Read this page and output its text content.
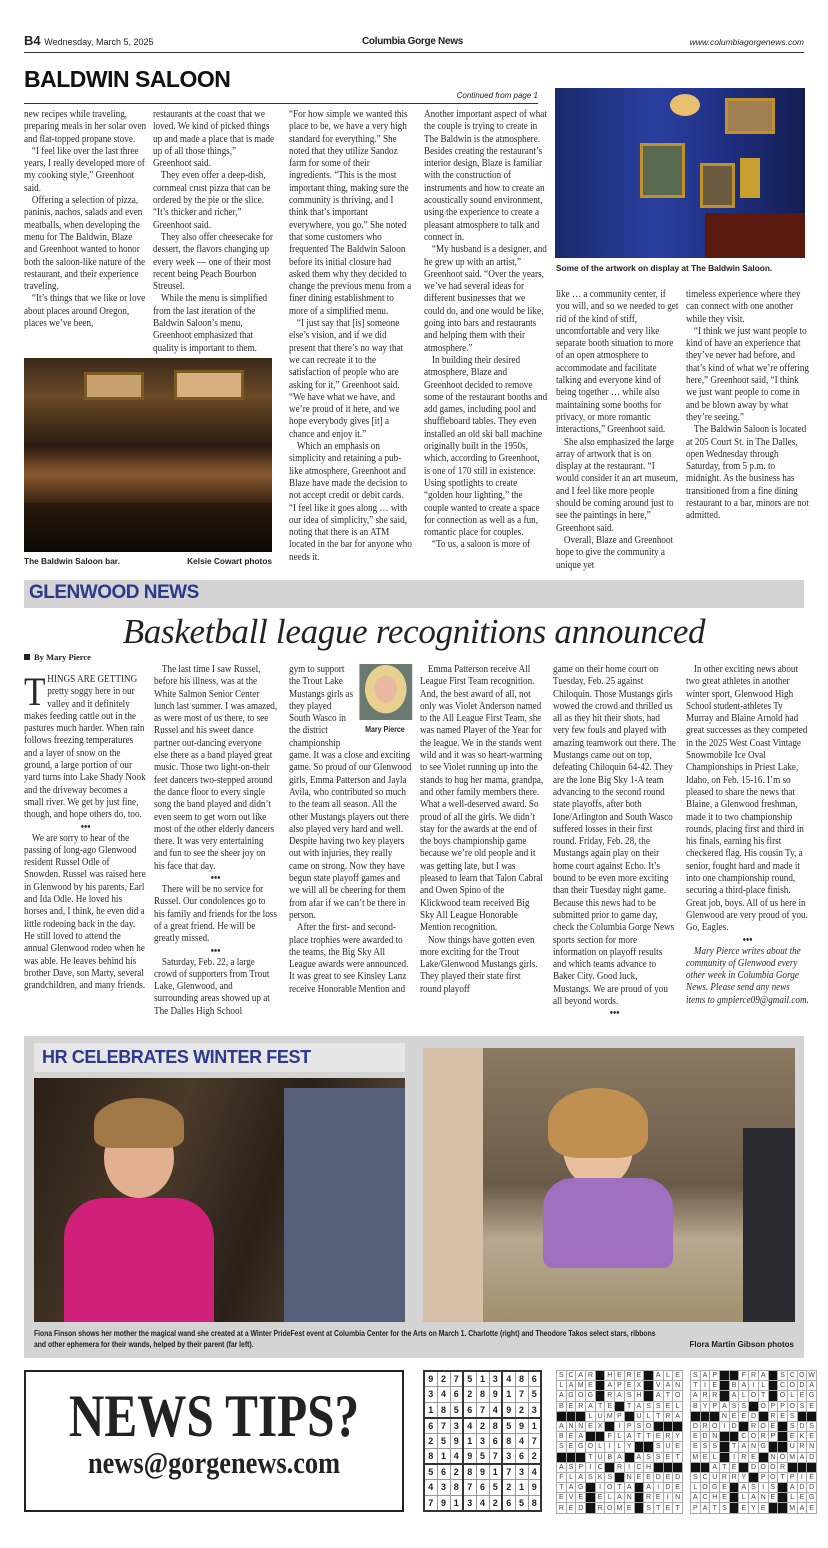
B4 Wednesday, March 5, 2025	Columbia Gorge News	www.columbiagorgenews.com
BALDWIN SALOON
Continued from page 1

new recipes while traveling, preparing meals in her solar oven and flat-topped propane stove.

“I feel like over the last three years, I really developed more of my cooking style,” Greenhoot said.

Offering a selection of pizza, paninis, nachos, salads and even meatballs, when developing the menu for The Baldwin, Blaze and Greenhoot wanted to honor both the saloon-like nature of the restaurant, and their experience traveling.

“It’s things that we like or love about places around Oregon, places we’ve been,

restaurants at the coast that we loved. We kind of picked things up and made a place that is made up of all those things,” Greenhoot said.

They even offer a deep-dish, cornmeal crust pizza that can be ordered by the pie or the slice. “It’s thicker and richer,” Greenhoot said.

They also offer cheesecake for dessert, the flavors changing up every week — one of their most recent being Peach Bourbon Streusel.

While the menu is simplified from the last iteration of the Baldwin Saloon’s menu, Greenhoot emphasized that quality is important to them.

“For how simple we wanted this place to be, we have a very high standard for everything.” She noted that they utilize Sandoz farm for some of their ingredients. “This is the most important thing, making sure the community is thriving, and I think that’s important everywhere, you go.” She noted that some customers who frequented The Baldwin Saloon before its initial closure had asked them why they decided to change the previous menu from a finer dining establishment to more of a simplified menu.

“I just say that [is] someone else’s vision, and if we did present that there’s no way that we can recreate it to the satisfaction of people who are asking for it,” Greenhoot said. “We have what we have, and we’re proud of it here, and we hope everybody gives [it] a chance and enjoy it.”

Which an emphasis on simplicity and retaining a pub-like atmosphere, Greenhoot and Blaze have made the decision to not accept credit or debit cards. “I feel like it goes along … with our idea of simplicity,” she said, noting that there is an ATM located in the bar for anyone who needs it.

Another important aspect of what the couple is trying to create in The Baldwin is the atmosphere. Besides creating the restaurant’s interior design, Blaze is familiar with the construction of instruments and how to create an acoustically sound environment, using the experience to create a pleasant atmosphere to talk and connect in.

“My husband is a designer, and he grew up with an artist,” Greenhoot said. “Over the years, we’ve had several ideas for different businesses that we could do, and one would be like, going into bars and restaurants and helping them with their atmosphere.”

In building their desired atmosphere, Blaze and Greenhoot decided to remove some of the restaurant booths and add games, including pool and shuffleboard tables. They even installed an old ski ball machine originally built in the 1950s, which, according to Greenhoot, is one of 170 still in existence. Using spotlights to create “golden hour lighting,” the couple wanted to create a space for connection as well as a fun, romantic place for couples.

“To us, a saloon is more of

like … a community center, if you will, and so we needed to get rid of the kind of stiff, uncomfortable and very like separate booth situation to more of an open atmosphere to accommodate and facilitate talking and everyone kind of being together … while also maintaining some booths for privacy, or more romantic interactions,” Greenhoot said.

She also emphasized the large array of artwork that is on display at the restaurant. “I would consider it an art museum, and I feel like more people should be coming around just to see the paintings in here,” Greenhoot said.

Overall, Blaze and Greenhoot hope to give the community a unique yet

timeless experience where they can connect with one another while they visit.

“I think we just want people to kind of have an experience that they’ve never had before, and that’s kind of what we’re offering here,” Greenhoot said, “I think we just want people to come in and be blown away by what they’re seeing.”

The Baldwin Saloon is located at 205 Court St. in The Dalles, open Wednesday through Saturday, from 5 p.m. to midnight. As the business has transitioned from a fine dining restaurant to a bar, minors are not admitted.

The Baldwin Saloon bar.	Kelsie Cowart photos
Some of the artwork on display at The Baldwin Saloon.
GLENWOOD NEWS
Basketball league recognitions announced
By Mary Pierce

THINGS ARE GETTING pretty soggy here in our valley and it definitely makes feeding cattle out in the pastures much harder. When rain follows freezing temperatures and a layer of snow on the ground, a large portion of our yard turns into Lake Shady Nook and the driveway becomes a small river. We get by just fine, though, and hope others do, too.

•••

We are sorry to hear of the passing of long-ago Glenwood resident Russel Odle of Snowden. Russel was raised here in Glenwood by his parents, Earl and Ida Odle. He loved his horses and, I think, he even did a little rodeoing back in the day. He still loved to attend the annual Glenwood rodeo when he was able. He leaves behind his brother Dave, son Marty, several grandchildren, and many friends.

The last time I saw Russel, before his illness, was at the White Salmon Senior Center lunch last summer. I was amazed, as were most of us there, to see Russel and his sweet dance partner out-dancing everyone else there as a band played great music. Those two light-on-their feet dancers two-stepped around the dance floor to every single song the band played and didn’t even seem to get worn out like most of the other elderly dancers there. It was very entertaining and fun to see the sheer joy on his face that day.

•••

There will be no service for Russel. Our condolences go to his family and friends for the loss of a great friend. He will be greatly missed.

•••

Saturday, Feb. 22, a large crowd of supporters from Trout Lake, Glenwood, and surrounding areas showed up at The Dalles High School

Mary Pierce

gym to support the Trout Lake Mustangs girls as they played South Wasco in the district championship game. It was a close and exciting game. So proud of our Glenwood girls, Emma Patterson and Jayla Avila, who contributed so much to the team all season. All the other Mustangs players out there also played very hard and well. Despite having two key players out with injuries, they really came on strong. Now they have begun state playoff games and we will all be cheering for them from afar if we can’t be there in person.

After the first- and second-place trophies were awarded to the teams, the Big Sky All League awards were announced. It was great to see Kinsley Lanz receive Honorable Mention and

Emma Patterson receive All League First Team recognition. And, the best award of all, not only was Violet Anderson named to the All League First Team, she was named Player of the Year for the league. We in the stands went wild and it was so heart-warming to see Violet running up into the stands to hug her mama, grandpa, and other family members there. What a well-deserved award. So proud of all the girls. We didn’t stay for the awards at the end of the boys championship game because we’re old people and it was getting late, but I was pleased to learn that Talon Cabral and Owen Spino of the Klickwood team received Big Sky All League Honorable Mention recognition.

Now things have gotten even more exciting for the Trout Lake/Glenwood Mustangs girls. They played their state first round playoff

game on their home court on Tuesday, Feb. 25 against Chiloquin. Those Mustangs girls wowed the crowd and thrilled us all as they hit their shots, had very few fouls and played with amazing teamwork out there. The Mustangs came out on top, defeating Chiloquin 64-42. They are the lone Big Sky 1-A team advancing to the second round state playoffs, after both Ione/Arlington and South Wasco suffered losses in their first round. Friday, Feb. 28, the Mustangs again play on their home court against Echo. It’s bound to be even more exciting than their Tuesday night game. Because this news had to be submitted prior to game day, check the Columbia Gorge News sports section for more information on playoff results and which teams advance to Baker City. Good luck, Mustangs. We are proud of you all beyond words.

•••

In other exciting news about two great athletes in another winter sport, Glenwood High School student-athletes Ty Murray and Blaine Arnold had great successes as they competed in the 2025 West Coast Vintage Snowmobile Ice Oval Championships in Priest Lake, Idaho, on Feb. 15-16. I’m so pleased to share the news that Blaine, a Glenwood freshman, made it to two championship rounds, placing first and third in his finals, earning his first checkered flag. His cousin Ty, a senior, fought hard and made it into one championship round, securing a third-place finish. Great job, boys. All of us here in Glenwood are very proud of you. Go, Eagles.

•••

Mary Pierce writes about the community of Glenwood every other week in Columbia Gorge News. Please send any news items to gmpierce09@gmail.com.

HR CELEBRATES WINTER FEST
Fiona Finson shows her mother the magical wand she created at a Winter PrideFest event at Columbia Center for the Arts on March 1. Charlotte (right) and Theodore Takos select stars, ribbons and other ephemera for their wands, helped by their parent (far left).	Flora Martin Gibson photos
NEWS TIPS?
news@gorgenews.com
9	2	7	5	1	3	4	8	6
3	4	6	2	8	9	1	7	5
1	8	5	6	7	4	9	2	3
6	7	3	4	2	8	5	9	1
2	5	9	1	3	6	8	4	7
8	1	4	9	5	7	3	6	2
5	6	2	8	9	1	7	3	4
4	3	8	7	6	5	2	1	9
7	9	1	3	4	2	6	5	8
S	C	A	R		H	E	R	E		A	L	E
L	A	M	E		A	P	E	X		V	A	N
A	G	O	G		R	A	S	H		A	T	O
B	E	R	A	T	E		T	A	S	S	E	L
			L	U	M	P		U	L	T	R	A
A	N	N	E	X		I	P	S	O			
B	E	A			F	L	A	T	T	E	R	Y
S	E	G	O	L	I	L	Y			S	U	E
			T	U	B	A		A	S	S	E	T
A	S	P	I	C		R	I	C	H			
F	L	A	S	K	S		N	E	E	D	E	D
T	A	G		I	O	T	A		A	I	D	E
E	V	E		E	L	A	N		R	E	I	N
R	E	D		R	O	M	E		S	T	E	T
S	A	P			F	R	A		S	C	O	W
T	I	E		B	A	I	L		C	O	D	A
A	R	R		A	L	O	T		O	L	E	G
B	Y	P	A	S	S		O	P	P	O	S	E
			N	E	E	D		R	E	S		
D	R	O	I	D		R	O	E		S	D	S
E	D	N			C	O	R	P		E	K	E
E	S	S		T	A	N	G			U	R	N
M	E	L		I	R	E		N	O	M	A	D
		A	T	E		D	O	O	R			
S	C	U	R	R	Y		P	O	T	P	I	E
L	O	G	E		A	S	I	S		A	D	D
A	C	H	E		L	A	N	E		L	E	G
P	A	T	S		E	Y	E			M	A	E
